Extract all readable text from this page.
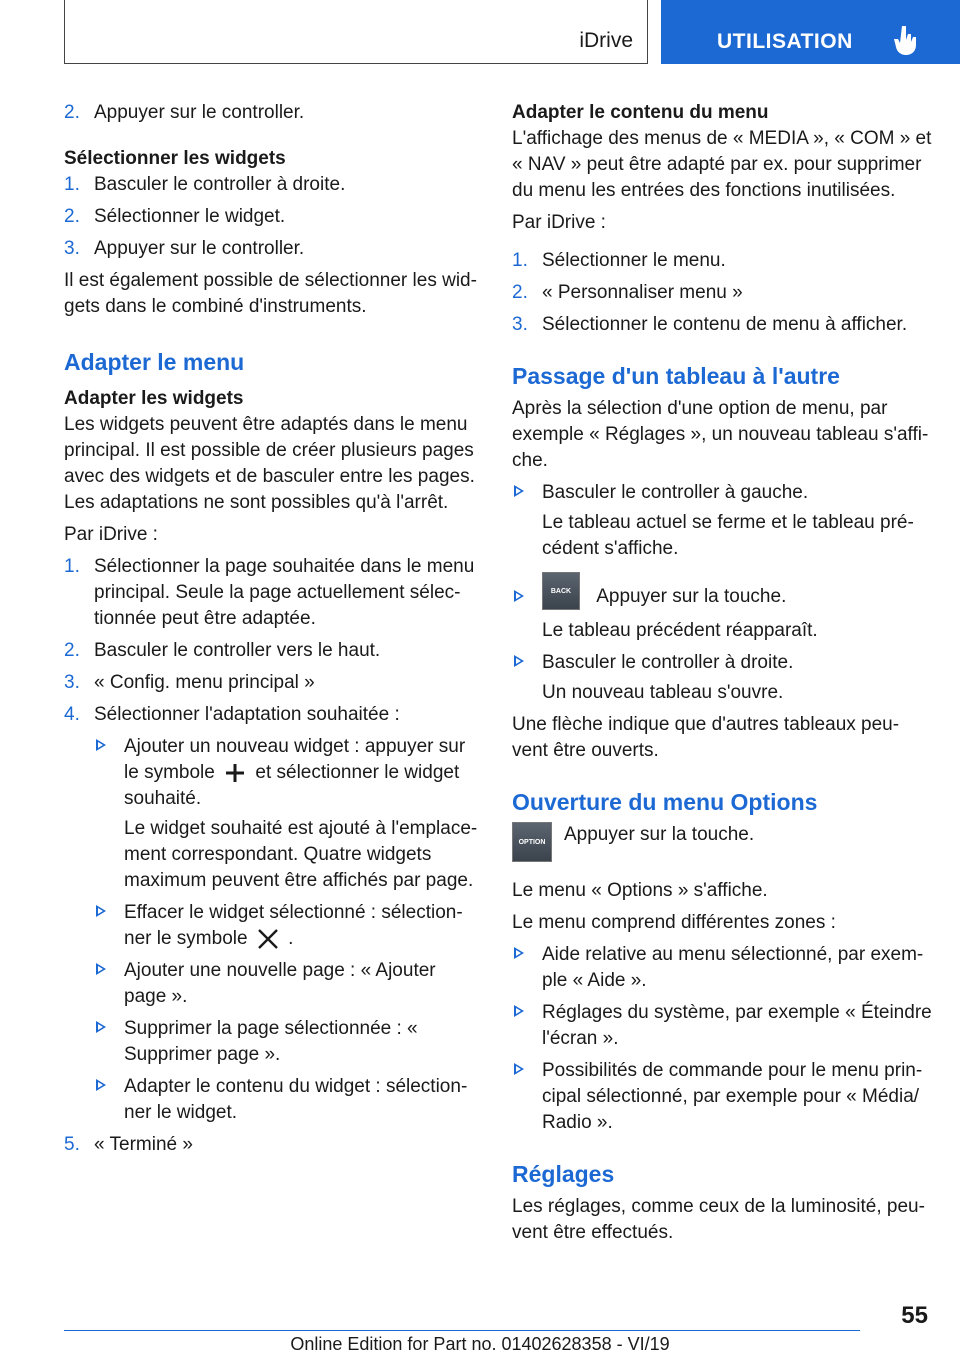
iDrive	UTILISATION
2. Appuyer sur le controller.

Sélectionner les widgets

1. Basculer le controller à droite.
2. Sélectionner le widget.
3. Appuyer sur le controller.

Il est également possible de sélectionner les wid-gets dans le combiné d'instruments.

Adapter le menu

Adapter les widgets

Les widgets peuvent être adaptés dans le menu principal. Il est possible de créer plusieurs pages avec des widgets et de basculer entre les pages. Les adaptations ne sont possibles qu'à l'arrêt.

Par iDrive :

1. Sélectionner la page souhaitée dans le menu principal. Seule la page actuellement sélec-tionnée peut être adaptée.
2. Basculer le controller vers le haut.
3. « Config. menu principal »
4. Sélectionner l'adaptation souhaitée :
Ajouter un nouveau widget : appuyer sur le symbole et sélectionner le widget souhaité.
Le widget souhaité est ajouté à l'emplace-ment correspondant. Quatre widgets maximum peuvent être affichés par page.
Effacer le widget sélectionné : sélection-ner le symbole .
Ajouter une nouvelle page : « Ajouter page ».
Supprimer la page sélectionnée : « Supprimer page ».
Adapter le contenu du widget : sélection-ner le widget.
5. « Terminé »

Adapter le contenu du menu

L'affichage des menus de « MEDIA », « COM » et « NAV » peut être adapté par ex. pour supprimer du menu les entrées des fonctions inutilisées.

Par iDrive :

1. Sélectionner le menu.
2. « Personnaliser menu »
3. Sélectionner le contenu de menu à afficher.
Passage d'un tableau à l'autre

Après la sélection d'une option de menu, par exemple « Réglages », un nouveau tableau s'affi-che.

Basculer le controller à gauche.
Le tableau actuel se ferme et le tableau pré-cédent s'affiche.
BACK Appuyer sur la touche.
Le tableau précédent réapparaît.
Basculer le controller à droite.
Un nouveau tableau s'ouvre.

Une flèche indique que d'autres tableaux peu-vent être ouverts.

Ouverture du menu Options
OPTION Appuyer sur la touche.

Le menu « Options » s'affiche.

Le menu comprend différentes zones :

Aide relative au menu sélectionné, par exem-ple « Aide ».
Réglages du système, par exemple « Éteindre l'écran ».
Possibilités de commande pour le menu prin-cipal sélectionné, par exemple pour « Média/ Radio ».
Réglages

Les réglages, comme ceux de la luminosité, peu-vent être effectués.

55
Online Edition for Part no. 01402628358 - VI/19
